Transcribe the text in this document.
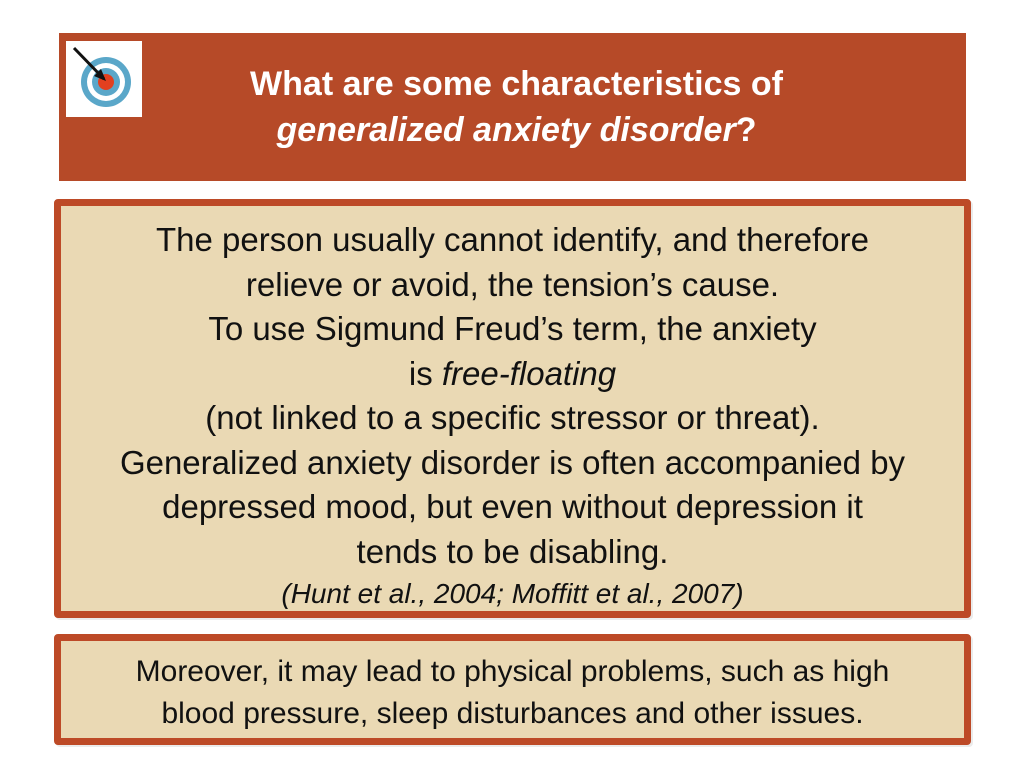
What are some characteristics of
generalized anxiety disorder?
The person usually cannot identify, and therefore
relieve or avoid, the tension’s cause.
To use Sigmund Freud’s term, the anxiety
is free-floating
(not linked to a specific stressor or threat).
Generalized anxiety disorder is often accompanied by
depressed mood, but even without depression it
tends to be disabling.
(Hunt et al., 2004; Moffitt et al., 2007)
Moreover, it may lead to physical problems, such as high
blood pressure, sleep disturbances and other issues.
